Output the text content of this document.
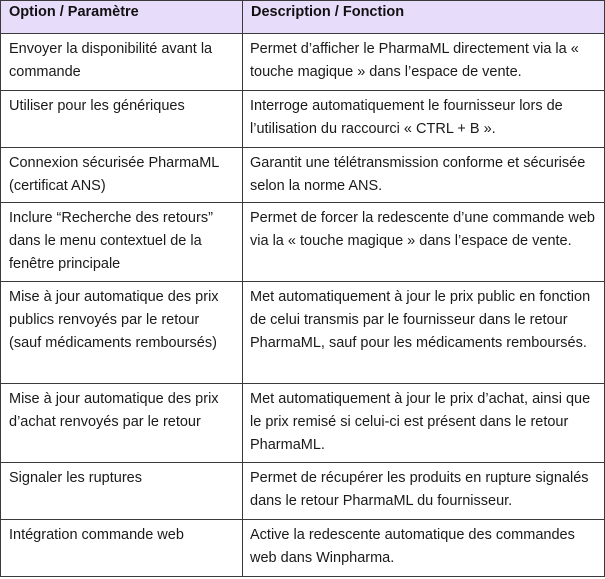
Option / Paramètre	Description / Fonction
Envoyer la disponibilité avant la commande	Permet d’afficher le PharmaML directement via la « touche magique » dans l’espace de vente.
Utiliser pour les génériques	Interroge automatiquement le fournisseur lors de l’utilisation du raccourci « CTRL + B ».
Connexion sécurisée PharmaML (certificat ANS)	Garantit une télétransmission conforme et sécurisée selon la norme ANS.
Inclure “Recherche des retours” dans le menu contextuel de la fenêtre principale	Permet de forcer la redescente d’une commande web via la « touche magique » dans l’espace de vente.
Mise à jour automatique des prix publics renvoyés par le retour (sauf médicaments remboursés)	Met automatiquement à jour le prix public en fonction de celui transmis par le fournisseur dans le retour PharmaML, sauf pour les médicaments remboursés.
Mise à jour automatique des prix d’achat renvoyés par le retour	Met automatiquement à jour le prix d’achat, ainsi que le prix remisé si celui-ci est présent dans le retour PharmaML.
Signaler les ruptures	Permet de récupérer les produits en rupture signalés dans le retour PharmaML du fournisseur.
Intégration commande web	Active la redescente automatique des commandes web dans Winpharma.
